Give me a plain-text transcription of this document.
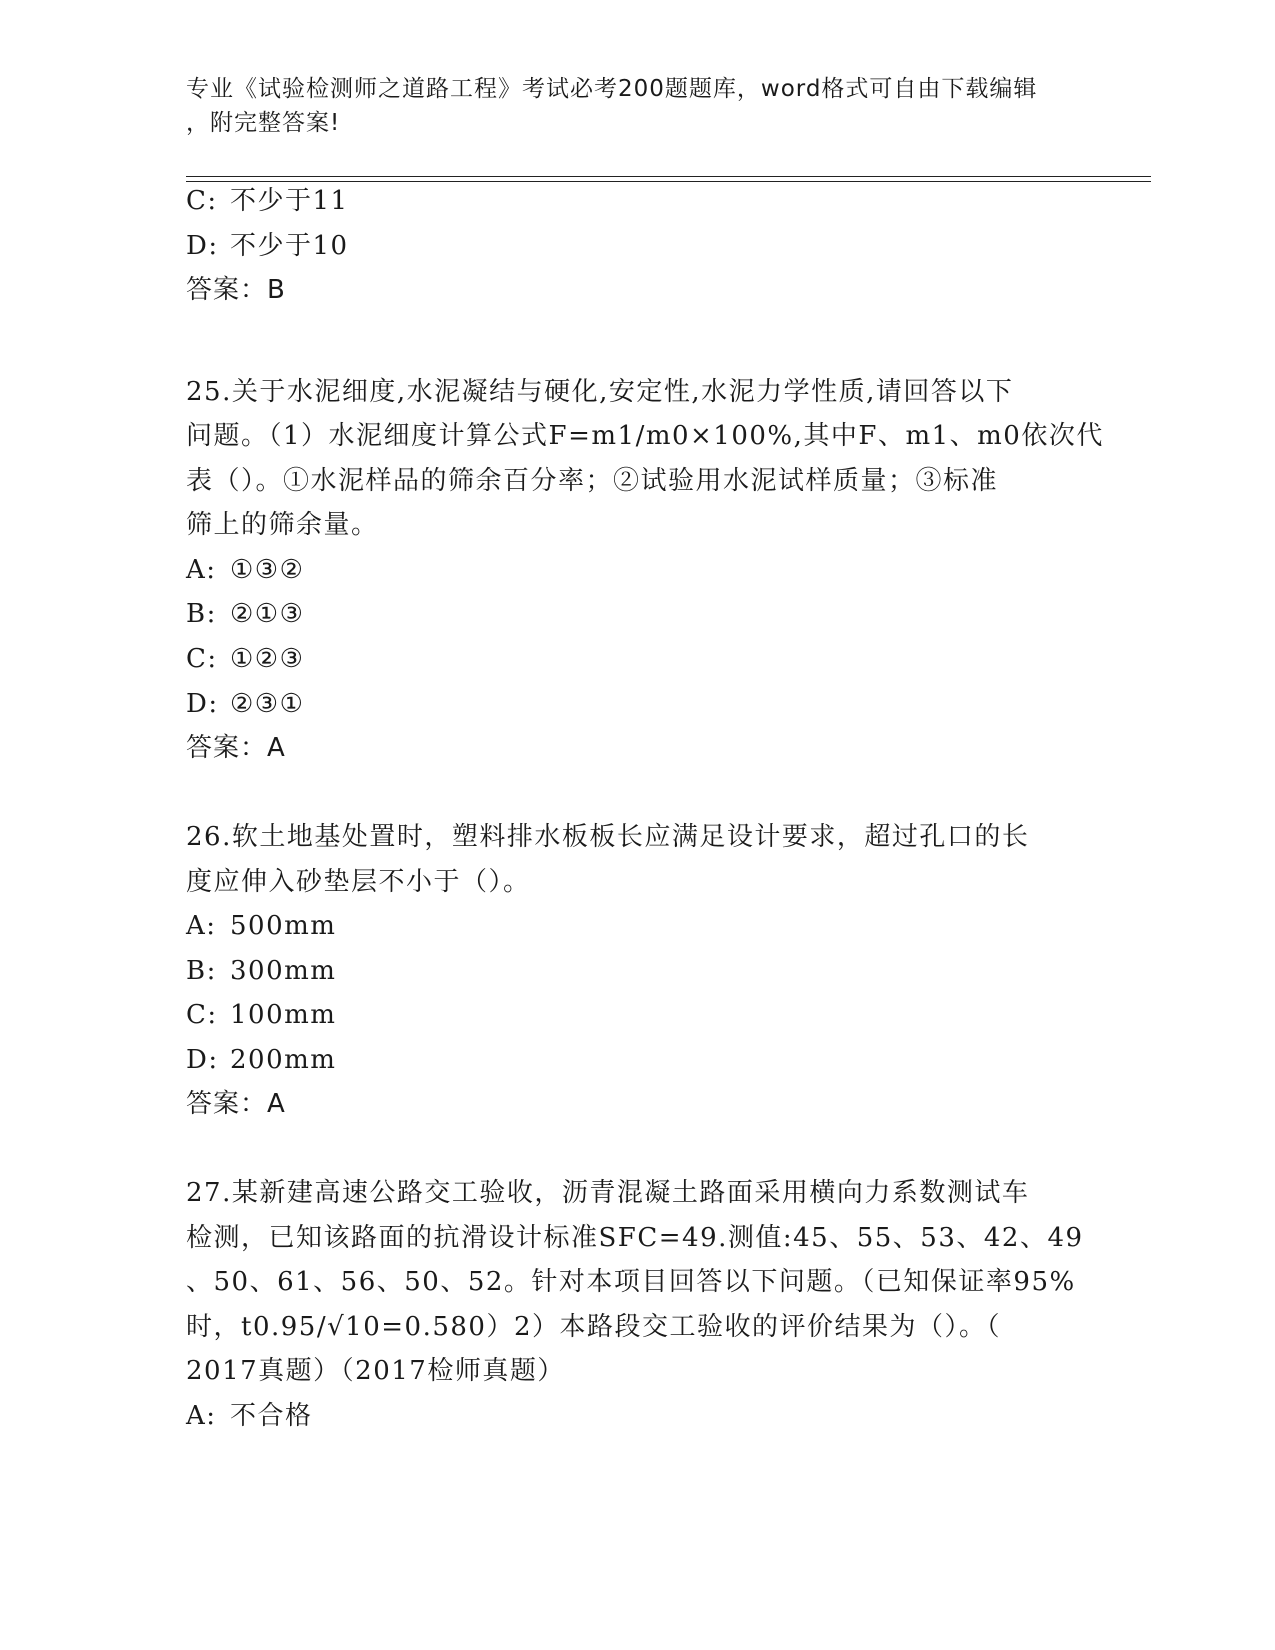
专业《试验检测师之道路工程》考试必考200题题库，word格式可自由下载编辑
，附完整答案!
C: 不少于11
D: 不少于10
答案：B
25.关于水泥细度,水泥凝结与硬化,安定性,水泥力学性质,请回答以下
问题。（1）水泥细度计算公式F=m1/m0×100%,其中F、m1、m0依次代
表（）。①水泥样品的筛余百分率；②试验用水泥试样质量；③标准
筛上的筛余量。
A: ①③②
B: ②①③
C: ①②③
D: ②③①
答案：A
26.软土地基处置时，塑料排水板板长应满足设计要求，超过孔口的长
度应伸入砂垫层不小于（）。
A: 500mm
B: 300mm
C: 100mm
D: 200mm
答案：A
27.某新建高速公路交工验收，沥青混凝土路面采用横向力系数测试车
检测，已知该路面的抗滑设计标准SFC=49.测值:45、55、53、42、49
、50、61、56、50、52。针对本项目回答以下问题。（已知保证率95%
时，t0.95/√10=0.580）2）本路段交工验收的评价结果为（）。（
2017真题）（2017检师真题）
A: 不合格
